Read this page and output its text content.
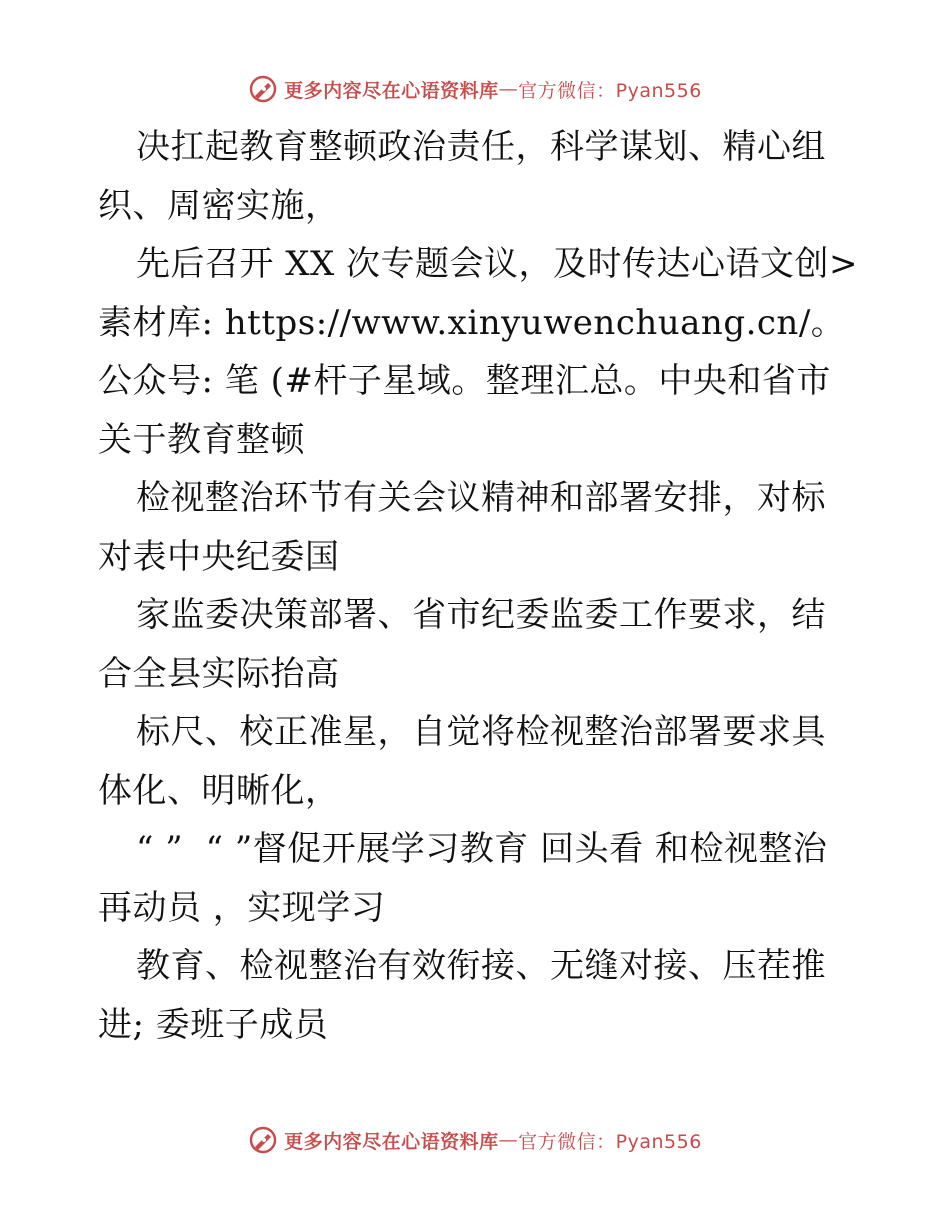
更多内容尽在心语资料库 — 官方微信：Pyan556

决扛起教育整顿政治责任，科学谋划、精心组织、周密实施，

先后召开 XX 次专题会议，及时传达心语文创>素材库: https://www.xinyuwenchuang.cn/。公众号: 笔 (#杆子星域。整理汇总。中央和省市关于教育整顿

检视整治环节有关会议精神和部署安排，对标对表中央纪委国

家监委决策部署、省市纪委监委工作要求，结合全县实际抬高

标尺、校正准星，自觉将检视整治部署要求具体化、明晰化，

“ ”  “ ”督促开展学习教育 回头看 和检视整治 再动员 ，实现学习

教育、检视整治有效衔接、无缝对接、压茬推进; 委班子成员

更多内容尽在心语资料库 — 官方微信：Pyan556
